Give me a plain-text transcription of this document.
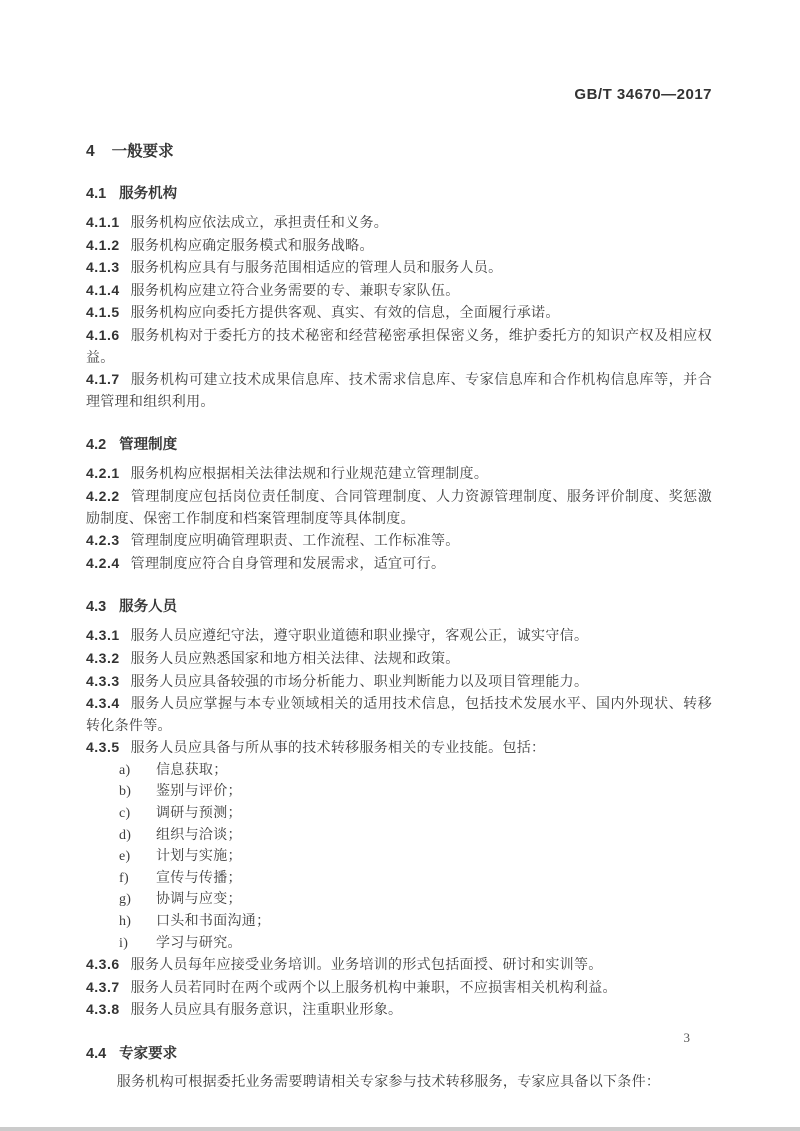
GB/T 34670—2017
4 一般要求
4.1 服务机构

4.1.1 服务机构应依法成立，承担责任和义务。

4.1.2 服务机构应确定服务模式和服务战略。

4.1.3 服务机构应具有与服务范围相适应的管理人员和服务人员。

4.1.4 服务机构应建立符合业务需要的专、兼职专家队伍。

4.1.5 服务机构应向委托方提供客观、真实、有效的信息，全面履行承诺。

4.1.6 服务机构对于委托方的技术秘密和经营秘密承担保密义务，维护委托方的知识产权及相应权益。

4.1.7 服务机构可建立技术成果信息库、技术需求信息库、专家信息库和合作机构信息库等，并合理管理和组织利用。

4.2 管理制度

4.2.1 服务机构应根据相关法律法规和行业规范建立管理制度。

4.2.2 管理制度应包括岗位责任制度、合同管理制度、人力资源管理制度、服务评价制度、奖惩激励制度、保密工作制度和档案管理制度等具体制度。

4.2.3 管理制度应明确管理职责、工作流程、工作标准等。

4.2.4 管理制度应符合自身管理和发展需求，适宜可行。

4.3 服务人员

4.3.1 服务人员应遵纪守法，遵守职业道德和职业操守，客观公正，诚实守信。

4.3.2 服务人员应熟悉国家和地方相关法律、法规和政策。

4.3.3 服务人员应具备较强的市场分析能力、职业判断能力以及项目管理能力。

4.3.4 服务人员应掌握与本专业领域相关的适用技术信息，包括技术发展水平、国内外现状、转移转化条件等。

4.3.5 服务人员应具备与所从事的技术转移服务相关的专业技能。包括：

a) 信息获取；
b) 鉴别与评价；
c) 调研与预测；
d) 组织与洽谈；
e) 计划与实施；
f) 宣传与传播；
g) 协调与应变；
h) 口头和书面沟通；
i) 学习与研究。

4.3.6 服务人员每年应接受业务培训。业务培训的形式包括面授、研讨和实训等。

4.3.7 服务人员若同时在两个或两个以上服务机构中兼职，不应损害相关机构利益。

4.3.8 服务人员应具有服务意识，注重职业形象。

4.4 专家要求

服务机构可根据委托业务需要聘请相关专家参与技术转移服务，专家应具备以下条件：

3
